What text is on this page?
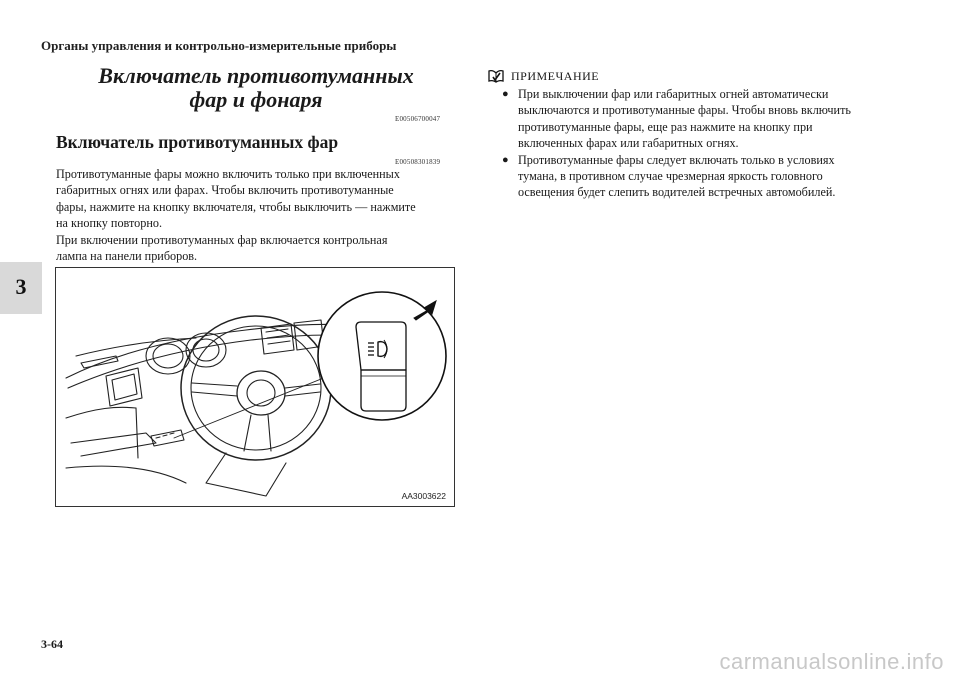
Органы управления и контрольно-измерительные приборы
3
Включатель противотуманных
фар и фонаря
E00506700047
Включатель противотуманных фар
E00508301839

Противотуманные фары можно включить только при включенных

габаритных огнях или фарах. Чтобы включить противотуманные

фары, нажмите на кнопку включателя, чтобы выключить — нажмите

на кнопку повторно.

При включении противотуманных фар включается контрольная

лампа на панели приборов.

AA3003622
ПРИМЕЧАНИЕ
● При выключении фар или габаритных огней автоматически
выключаются и противотуманные фары. Чтобы вновь включить
противотуманные фары, еще раз нажмите на кнопку при
включенных фарах или габаритных огнях.
● Противотуманные фары следует включать только в условиях
тумана, в противном случае чрезмерная яркость головного
освещения будет слепить водителей встречных автомобилей.
3-64
carmanualsonline.info
